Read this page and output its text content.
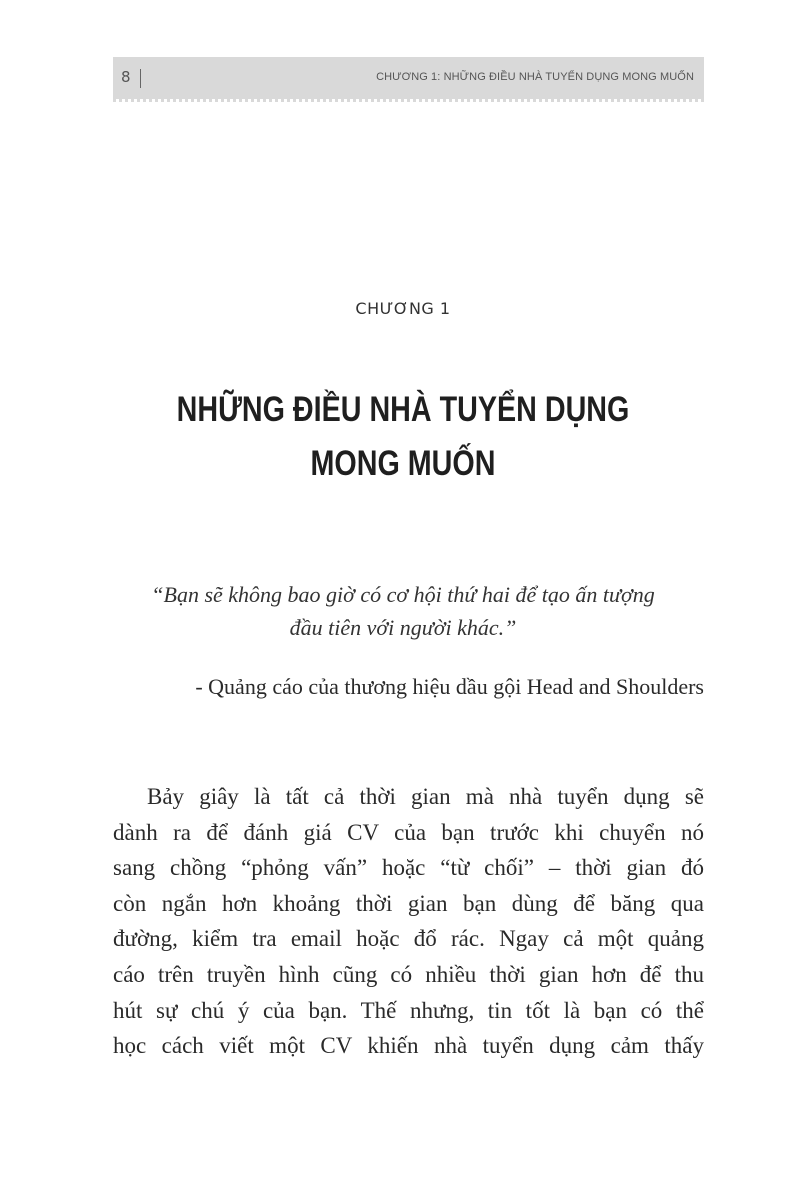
8	CHƯƠNG 1: NHỮNG ĐIỀU NHÀ TUYỂN DỤNG MONG MUỐN
CHƯƠNG 1
NHỮNG ĐIỀU NHÀ TUYỂN DỤNG
MONG MUỐN
“Bạn sẽ không bao giờ có cơ hội thứ hai để tạo ấn tượng
đầu tiên với người khác.”
- Quảng cáo của thương hiệu dầu gội Head and Shoulders
Bảy giây là tất cả thời gian mà nhà tuyển dụng sẽ
dành ra để đánh giá CV của bạn trước khi chuyển nó
sang chồng “phỏng vấn” hoặc “từ chối” – thời gian đó
còn ngắn hơn khoảng thời gian bạn dùng để băng qua
đường, kiểm tra email hoặc đổ rác. Ngay cả một quảng
cáo trên truyền hình cũng có nhiều thời gian hơn để thu
hút sự chú ý của bạn. Thế nhưng, tin tốt là bạn có thể
học cách viết một CV khiến nhà tuyển dụng cảm thấy
